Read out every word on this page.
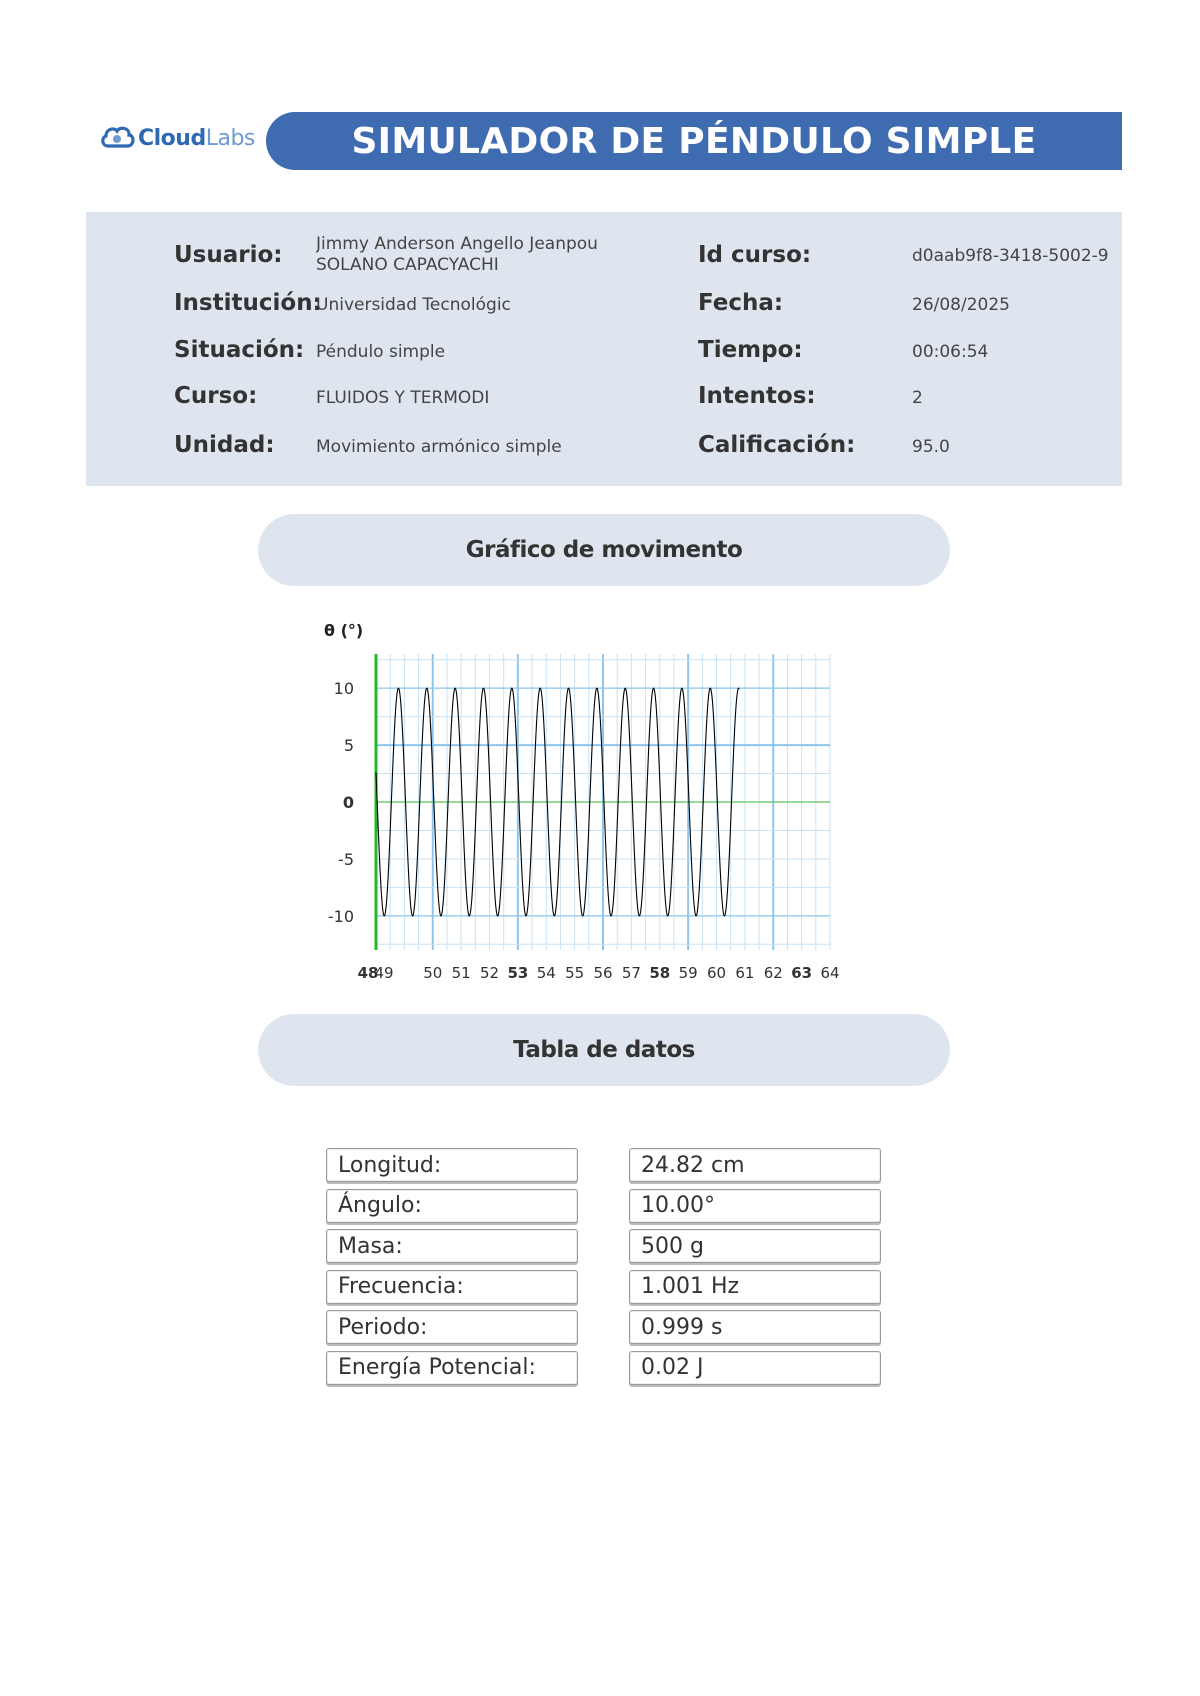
CloudLabs	SIMULADOR DE PÉNDULO SIMPLE
Usuario: Jimmy Anderson Angello Jeanpou
SOLANO CAPACYACHI
Institución:
Universidad Tecnológic
Situación: Péndulo simple
Curso:	FLUIDOS Y TERMODI
Unidad: Movimiento armónico simple
Id curso:	d0aab9f8-3418-5002-9
Fecha:	26/08/2025
Tiempo:	00:06:54
Intentos:	2
Calificación:	95.0
Gráfico de movimento
θ (°)
10
5
0
-5
-10
48
49 50 51 52 53 54 55 56 57 58 59 60 61 62 63 64
Tabla de datos
Longitud:	24.82 cm
Ángulo:	10.00°
Masa:	500 g
Frecuencia:	1.001 Hz
Periodo:	0.999 s
Energía Potencial:	0.02 J
